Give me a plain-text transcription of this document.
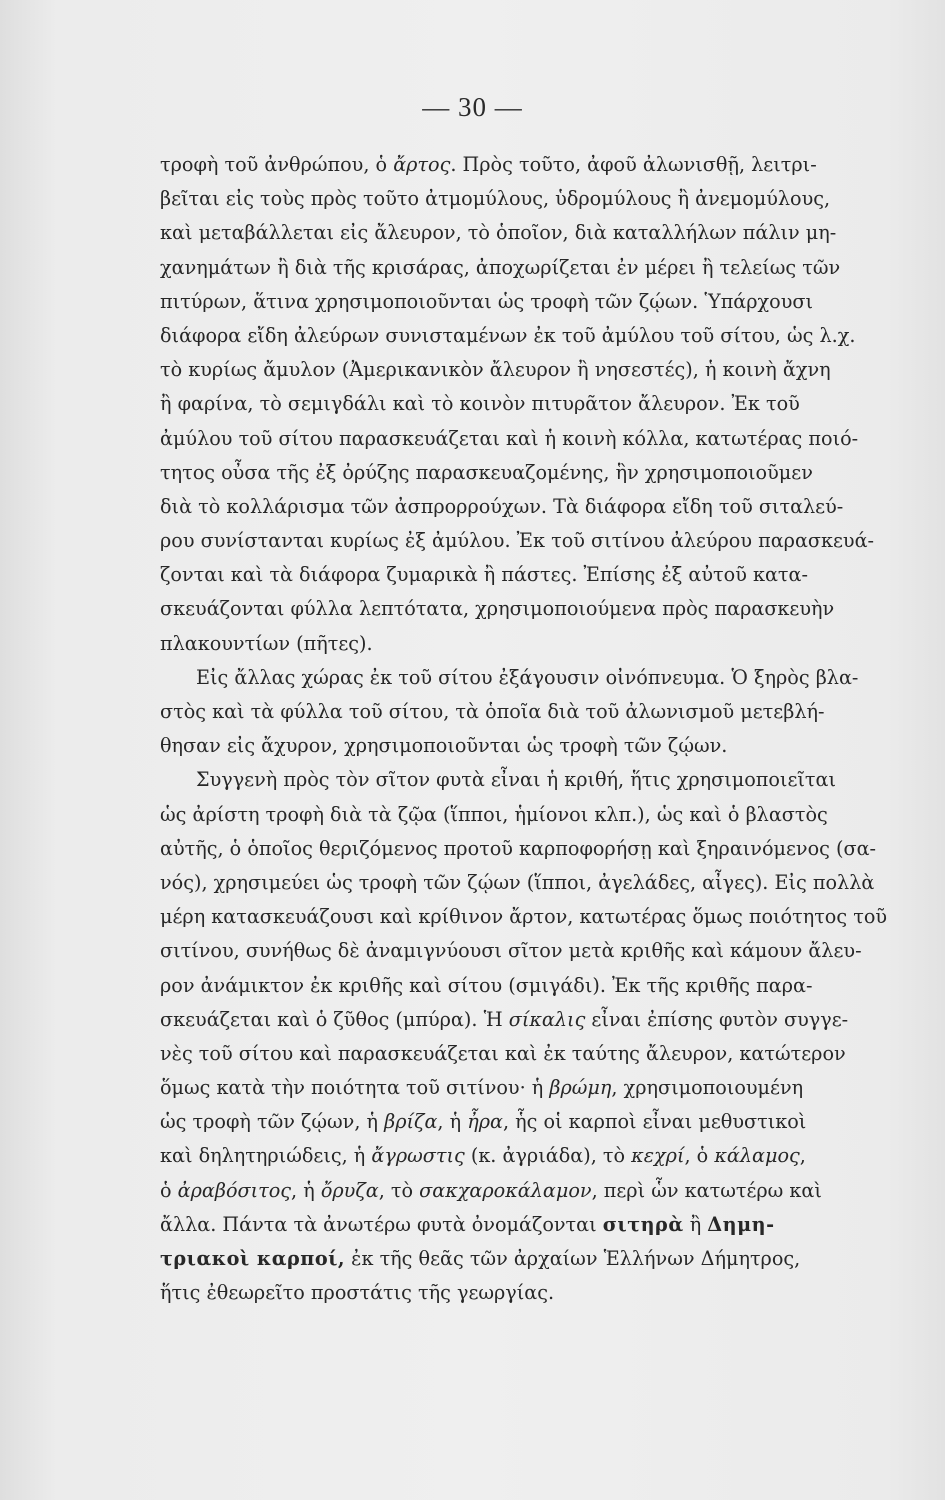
— 30 —
τροφὴ τοῦ ἀνθρώπου, ὁ ἄρτος. Πρὸς τοῦτο, ἀφοῦ ἀλωνισθῇ, λειτρι-
βεῖται εἰς τοὺς πρὸς τοῦτο ἀτμομύλους, ὑδρομύλους ἢ ἀνεμομύλους,
καὶ μεταβάλλεται εἰς ἄλευρον, τὸ ὁποῖον, διὰ καταλλήλων πάλιν μη-
χανημάτων ἢ διὰ τῆς κρισάρας, ἀποχωρίζεται ἐν μέρει ἢ τελείως τῶν
πιτύρων, ἅτινα χρησιμοποιοῦνται ὡς τροφὴ τῶν ζῴων. Ὑπάρχουσι
διάφορα εἴδη ἀλεύρων συνισταμένων ἐκ τοῦ ἀμύλου τοῦ σίτου, ὡς λ.χ.
τὸ κυρίως ἄμυλον (Ἀμερικανικὸν ἄλευρον ἢ νησεστές), ἡ κοινὴ ἄχνη
ἢ φαρίνα, τὸ σεμιγδάλι καὶ τὸ κοινὸν πιτυρᾶτον ἄλευρον. Ἐκ τοῦ
ἀμύλου τοῦ σίτου παρασκευάζεται καὶ ἡ κοινὴ κόλλα, κατωτέρας ποιό-
τητος οὖσα τῆς ἐξ ὀρύζης παρασκευαζομένης, ἣν χρησιμοποιοῦμεν
διὰ τὸ κολλάρισμα τῶν ἀσπρορρούχων. Τὰ διάφορα εἴδη τοῦ σιταλεύ-
ρου συνίστανται κυρίως ἐξ ἀμύλου. Ἐκ τοῦ σιτίνου ἀλεύρου παρασκευά-
ζονται καὶ τὰ διάφορα ζυμαρικὰ ἢ πάστες. Ἐπίσης ἐξ αὐτοῦ κατα-
σκευάζονται φύλλα λεπτότατα, χρησιμοποιούμενα πρὸς παρασκευὴν
πλακουντίων (πῆτες).
Εἰς ἄλλας χώρας ἐκ τοῦ σίτου ἐξάγουσιν οἰνόπνευμα. Ὁ ξηρὸς βλα-
στὸς καὶ τὰ φύλλα τοῦ σίτου, τὰ ὁποῖα διὰ τοῦ ἀλωνισμοῦ μετεβλή-
θησαν εἰς ἄχυρον, χρησιμοποιοῦνται ὡς τροφὴ τῶν ζῴων.
Συγγενὴ πρὸς τὸν σῖτον φυτὰ εἶναι ἡ κριθή, ἥτις χρησιμοποιεῖται
ὡς ἀρίστη τροφὴ διὰ τὰ ζῷα (ἵπποι, ἡμίονοι κλπ.), ὡς καὶ ὁ βλαστὸς
αὐτῆς, ὁ ὁποῖος θεριζόμενος προτοῦ καρποφορήσῃ καὶ ξηραινόμενος (σα-
νός), χρησιμεύει ὡς τροφὴ τῶν ζῴων (ἵπποι, ἀγελάδες, αἶγες). Εἰς πολλὰ
μέρη κατασκευάζουσι καὶ κρίθινον ἄρτον, κατωτέρας ὅμως ποιότητος τοῦ
σιτίνου, συνήθως δὲ ἀναμιγνύουσι σῖτον μετὰ κριθῆς καὶ κάμουν ἄλευ-
ρον ἀνάμικτον ἐκ κριθῆς καὶ σίτου (σμιγάδι). Ἐκ τῆς κριθῆς παρα-
σκευάζεται καὶ ὁ ζῦθος (μπύρα). Ἡ σίκαλις εἶναι ἐπίσης φυτὸν συγγε-
νὲς τοῦ σίτου καὶ παρασκευάζεται καὶ ἐκ ταύτης ἄλευρον, κατώτερον
ὅμως κατὰ τὴν ποιότητα τοῦ σιτίνου· ἡ βρώμη, χρησιμοποιουμένη
ὡς τροφὴ τῶν ζῴων, ἡ βρίζα, ἡ ἦρα, ἧς οἱ καρποὶ εἶναι μεθυστικοὶ
καὶ δηλητηριώδεις, ἡ ἄγρωστις (κ. ἀγριάδα), τὸ κεχρί, ὁ κάλαμος,
ὁ ἀραβόσιτος, ἡ ὄρυζα, τὸ σακχαροκάλαμον, περὶ ὧν κατωτέρω καὶ
ἄλλα. Πάντα τὰ ἀνωτέρω φυτὰ ὀνομάζονται σιτηρὰ ἢ Δημη-
τριακοὶ καρποί, ἐκ τῆς θεᾶς τῶν ἀρχαίων Ἑλλήνων Δήμητρος,
ἥτις ἐθεωρεῖτο προστάτις τῆς γεωργίας.
